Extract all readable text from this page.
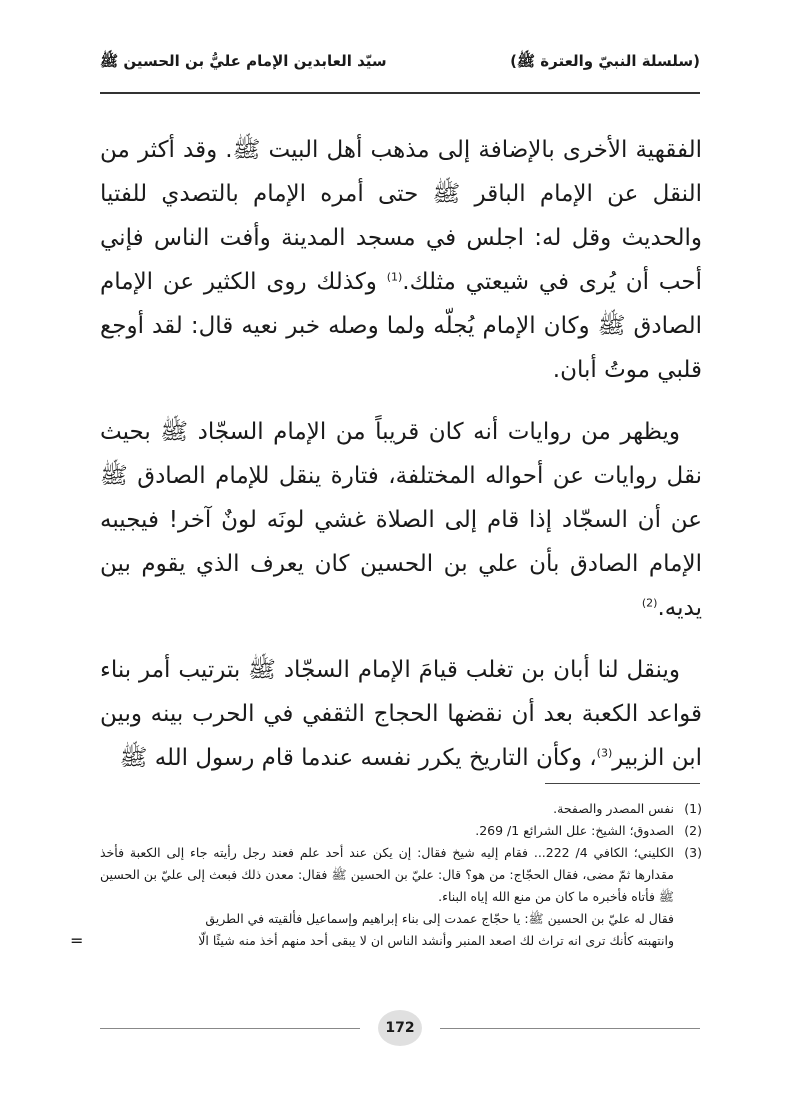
(سلسلة النبيّ والعترة ﷺ)
سيّد العابدين الإمام عليُّ بن الحسين ﷺ

الفقهية الأخرى بالإضافة إلى مذهب أهل البيت ﷺ. وقد أكثر من النقل عن الإمام الباقر ﷺ حتى أمره الإمام بالتصدي للفتيا والحديث وقل له: اجلس في مسجد المدينة وأفت الناس فإني أحب أن يُرى في شيعتي مثلك.$^{(1)}$ وكذلك روى الكثير عن الإمام الصادق ﷺ وكان الإمام يُجلّه ولما وصله خبر نعيه قال: لقد أوجع قلبي موتُ أبان.

ويظهر من روايات أنه كان قريباً من الإمام السجّاد ﷺ بحيث نقل روايات عن أحواله المختلفة، فتارة ينقل للإمام الصادق ﷺ عن أن السجّاد إذا قام إلى الصلاة غشي لونَه لونٌ آخر! فيجيبه الإمام الصادق بأن علي بن الحسين كان يعرف الذي يقوم بين يديه.$^{(2)}$

وينقل لنا أبان بن تغلب قيامَ الإمام السجّاد ﷺ بترتيب أمر بناء قواعد الكعبة بعد أن نقضها الحجاج الثقفي في الحرب بينه وبين ابن الزبير$^{(3)}$، وكأن التاريخ يكرر نفسه عندما قام رسول الله ﷺ

(1)
نفس المصدر والصفحة.
(2)
الصدوق؛ الشيخ: علل الشرائع 1/ 269.
(3)
الكليني؛ الكافي 4/ 222... فقام إليه شيخ فقال: إن يكن عند أحد علم فعند رجل رأيته جاء إلى الكعبة فأخذ مقدارها ثمّ مضى، فقال الحجّاج: من هو؟ قال: عليّ بن الحسين ﷺ فقال: معدن ذلك فبعث إلى عليّ بن الحسين ﷺ فأتاه فأخبره ما كان من منع الله إياه البناء.
فقال له عليّ بن الحسين ﷺ: يا حجّاج عمدت إلى بناء إبراهيم وإسماعيل فألقيته في الطريق
وانتهبته كأنك ترى انه تراث لك اصعد المنبر وأنشد الناس ان لا يبقى أحد منهم أخذ منه شيئًا الّا
=
172
